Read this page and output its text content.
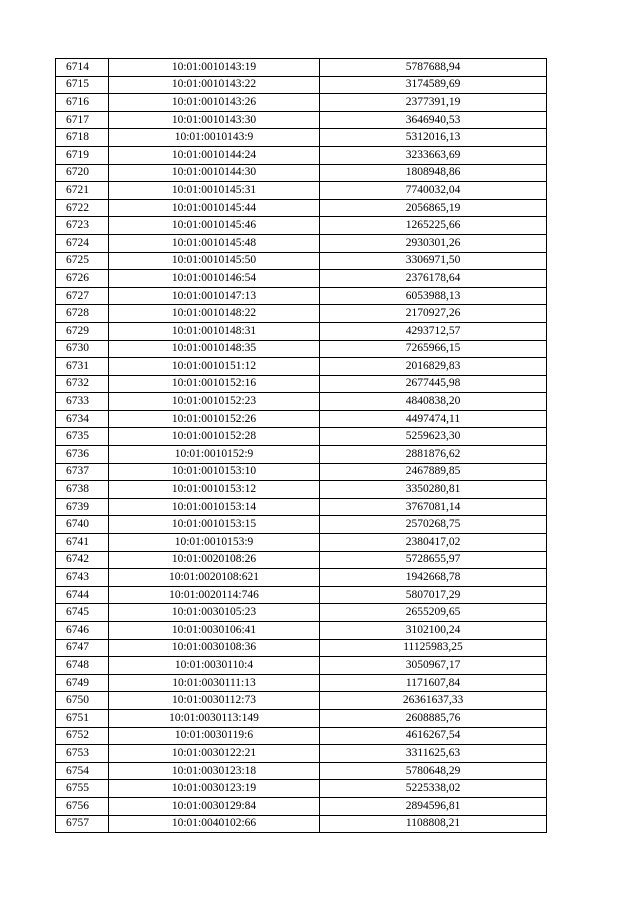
6714	10:01:0010143:19	5787688,94
6715	10:01:0010143:22	3174589,69
6716	10:01:0010143:26	2377391,19
6717	10:01:0010143:30	3646940,53
6718	10:01:0010143:9	5312016,13
6719	10:01:0010144:24	3233663,69
6720	10:01:0010144:30	1808948,86
6721	10:01:0010145:31	7740032,04
6722	10:01:0010145:44	2056865,19
6723	10:01:0010145:46	1265225,66
6724	10:01:0010145:48	2930301,26
6725	10:01:0010145:50	3306971,50
6726	10:01:0010146:54	2376178,64
6727	10:01:0010147:13	6053988,13
6728	10:01:0010148:22	2170927,26
6729	10:01:0010148:31	4293712,57
6730	10:01:0010148:35	7265966,15
6731	10:01:0010151:12	2016829,83
6732	10:01:0010152:16	2677445,98
6733	10:01:0010152:23	4840838,20
6734	10:01:0010152:26	4497474,11
6735	10:01:0010152:28	5259623,30
6736	10:01:0010152:9	2881876,62
6737	10:01:0010153:10	2467889,85
6738	10:01:0010153:12	3350280,81
6739	10:01:0010153:14	3767081,14
6740	10:01:0010153:15	2570268,75
6741	10:01:0010153:9	2380417,02
6742	10:01:0020108:26	5728655,97
6743	10:01:0020108:621	1942668,78
6744	10:01:0020114:746	5807017,29
6745	10:01:0030105:23	2655209,65
6746	10:01:0030106:41	3102100,24
6747	10:01:0030108:36	11125983,25
6748	10:01:0030110:4	3050967,17
6749	10:01:0030111:13	1171607,84
6750	10:01:0030112:73	26361637,33
6751	10:01:0030113:149	2608885,76
6752	10:01:0030119:6	4616267,54
6753	10:01:0030122:21	3311625,63
6754	10:01:0030123:18	5780648,29
6755	10:01:0030123:19	5225338,02
6756	10:01:0030129:84	2894596,81
6757	10:01:0040102:66	1108808,21
